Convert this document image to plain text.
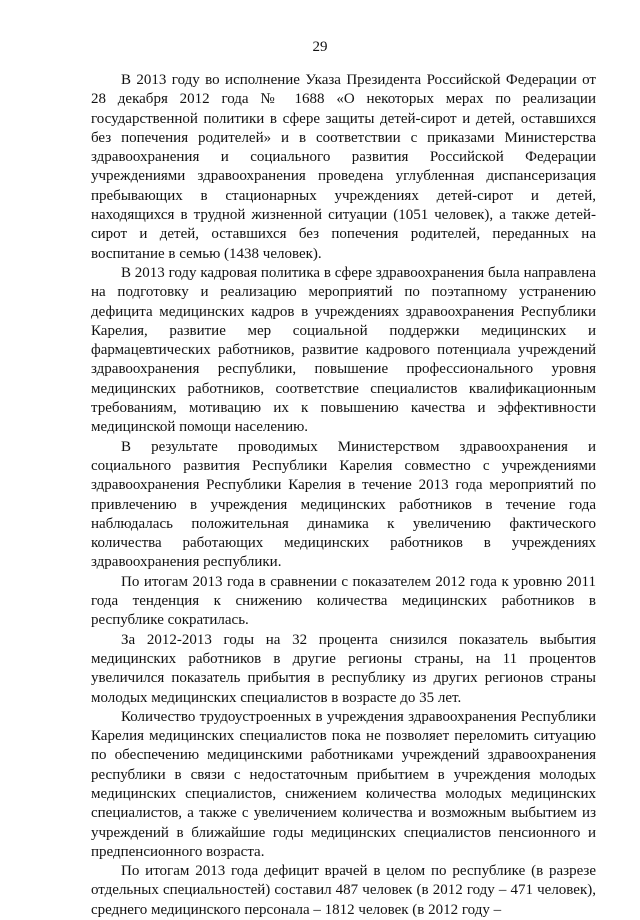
29

В 2013 году во исполнение Указа Президента Российской Федерации от 28 декабря 2012 года № 1688 «О некоторых мерах по реализации государственной политики в сфере защиты детей-сирот и детей, оставшихся без попечения родителей» и в соответствии с приказами Министерства здравоохранения и социального развития Российской Федерации учреждениями здравоохранения проведена углубленная диспансеризация пребывающих в стационарных учреждениях детей-сирот и детей, находящихся в трудной жизненной ситуации (1051 человек), а также детей-сирот и детей, оставшихся без попечения родителей, переданных на воспитание в семью (1438 человек).

В 2013 году кадровая политика в сфере здравоохранения была направлена на подготовку и реализацию мероприятий по поэтапному устранению дефицита медицинских кадров в учреждениях здравоохранения Республики Карелия, развитие мер социальной поддержки медицинских и фармацевтических работников, развитие кадрового потенциала учреждений здравоохранения республики, повышение профессионального уровня медицинских работников, соответствие специалистов квалификационным требованиям, мотивацию их к повышению качества и эффективности медицинской помощи населению.

В результате проводимых Министерством здравоохранения и социального развития Республики Карелия совместно с учреждениями здравоохранения Республики Карелия в течение 2013 года мероприятий по привлечению в учреждения медицинских работников в течение года наблюдалась положительная динамика к увеличению фактического количества работающих медицинских работников в учреждениях здравоохранения республики.

По итогам 2013 года в сравнении с показателем 2012 года к уровню 2011 года тенденция к снижению количества медицинских работников в республике сократилась.

За 2012-2013 годы на 32 процента снизился показатель выбытия медицинских работников в другие регионы страны, на 11 процентов увеличился показатель прибытия в республику из других регионов страны молодых медицинских специалистов в возрасте до 35 лет.

Количество трудоустроенных в учреждения здравоохранения Республики Карелия медицинских специалистов пока не позволяет переломить ситуацию по обеспечению медицинскими работниками учреждений здравоохранения республики в связи с недостаточным прибытием в учреждения молодых медицинских специалистов, снижением количества молодых медицинских специалистов, а также с увеличением количества и возможным выбытием из учреждений в ближайшие годы медицинских специалистов пенсионного и предпенсионного возраста.

По итогам 2013 года дефицит врачей в целом по республике (в разрезе отдельных специальностей) составил 487 человек (в 2012 году – 471 человек), среднего медицинского персонала – 1812 человек (в 2012 году –
